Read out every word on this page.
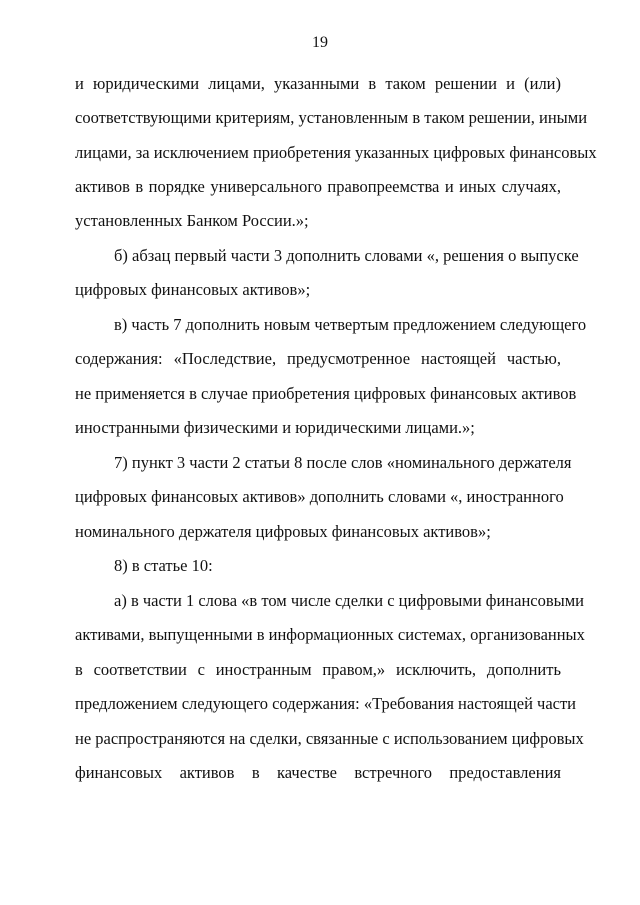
19
и юридическими лицами, указанными в таком решении и (или)
соответствующими критериям, установленным в таком решении, иными
лицами, за исключением приобретения указанных цифровых финансовых
активов в порядке универсального правопреемства и иных случаях,
установленных Банком России.»;
б) абзац первый части 3 дополнить словами «, решения о выпуске
цифровых финансовых активов»;
в) часть 7 дополнить новым четвертым предложением следующего
содержания: «Последствие, предусмотренное настоящей частью,
не применяется в случае приобретения цифровых финансовых активов
иностранными физическими и юридическими лицами.»;
7) пункт 3 части 2 статьи 8 после слов «номинального держателя
цифровых финансовых активов» дополнить словами «, иностранного
номинального держателя цифровых финансовых активов»;
8) в статье 10:
а) в части 1 слова «в том числе сделки с цифровыми финансовыми
активами, выпущенными в информационных системах, организованных
в соответствии с иностранным правом,» исключить, дополнить
предложением следующего содержания: «Требования настоящей части
не распространяются на сделки, связанные с использованием цифровых
финансовых активов в качестве встречного предоставления
